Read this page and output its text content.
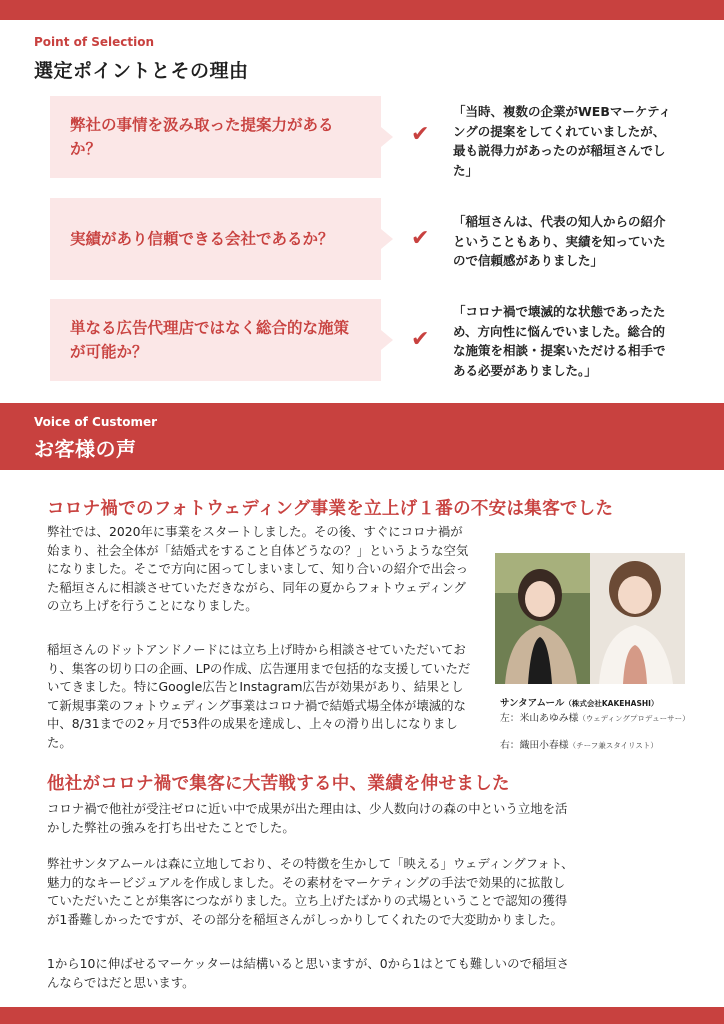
Point of Selection
選定ポイントとその理由
弊社の事情を汲み取った提案力があるか？
✔
「当時、複数の企業がWEBマーケティングの提案をしてくれていましたが、最も説得力があったのが稲垣さんでした」
実績があり信頼できる会社であるか？	✔
「稲垣さんは、代表の知人からの紹介ということもあり、実績を知っていたので信頼感がありました」
単なる広告代理店ではなく総合的な施策が可能か？	✔
「コロナ禍で壊滅的な状態であったため、方向性に悩んでいました。総合的な施策を相談・提案いただける相手である必要がありました。」
Voice of Customer
お客様の声
コロナ禍でのフォトウェディング事業を立上げ１番の不安は集客でした
弊社では、2020年に事業をスタートしました。その後、すぐにコロナ禍が始まり、社会全体が「結婚式をすること自体どうなの？」というような空気になりました。そこで方向に困ってしまいまして、知り合いの紹介で出会った稲垣さんに相談させていただきながら、同年の夏からフォトウェディングの立ち上げを行うことになりました。
稲垣さんのドットアンドノードには立ち上げ時から相談させていただいており、集客の切り口の企画、LPの作成、広告運用まで包括的な支援していただいてきました。特にGoogle広告とInstagram広告が効果があり、結果として新規事業のフォトウェディング事業はコロナ禍で結婚式場全体が壊滅的な中、8/31までの2ヶ月で53件の成果を達成し、上々の滑り出しになりました。
サンタアムール（株式会社KAKEHASHI）
左：米山あゆみ様（ウェディングプロデューサー）
右：織田小春様（チーフ兼スタイリスト）
他社がコロナ禍で集客に大苦戦する中、業績を伸せました
コロナ禍で他社が受注ゼロに近い中で成果が出た理由は、少人数向けの森の中という立地を活かした弊社の強みを打ち出せたことでした。
弊社サンタアムールは森に立地しており、その特徴を生かして「映える」ウェディングフォト、魅力的なキービジュアルを作成しました。その素材をマーケティングの手法で効果的に拡散していただいたことが集客につながりました。立ち上げたばかりの式場ということで認知の獲得が1番難しかったですが、その部分を稲垣さんがしっかりしてくれたので大変助かりました。
1から10に伸ばせるマーケッターは結構いると思いますが、0から1はとても難しいので稲垣さんならではだと思います。
